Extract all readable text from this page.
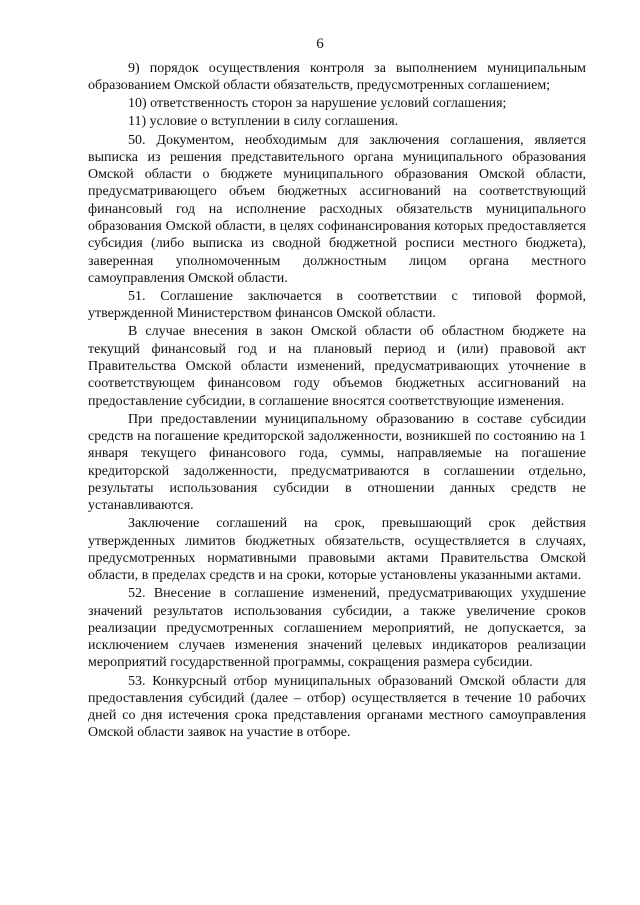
6

9) порядок осуществления контроля за выполнением муниципальным образованием Омской области обязательств, предусмотренных соглашением;

10) ответственность сторон за нарушение условий соглашения;

11) условие о вступлении в силу соглашения.

50. Документом, необходимым для заключения соглашения, является выписка из решения представительного органа муниципального образования Омской области о бюджете муниципального образования Омской области, предусматривающего объем бюджетных ассигнований на соответствующий финансовый год на исполнение расходных обязательств муниципального образования Омской области, в целях софинансирования которых предоставляется субсидия (либо выписка из сводной бюджетной росписи местного бюджета), заверенная уполномоченным должностным лицом органа местного самоуправления Омской области.

51. Соглашение заключается в соответствии с типовой формой, утвержденной Министерством финансов Омской области.

В случае внесения в закон Омской области об областном бюджете на текущий финансовый год и на плановый период и (или) правовой акт Правительства Омской области изменений, предусматривающих уточнение в соответствующем финансовом году объемов бюджетных ассигнований на предоставление субсидии, в соглашение вносятся соответствующие изменения.

При предоставлении муниципальному образованию в составе субсидии средств на погашение кредиторской задолженности, возникшей по состоянию на 1 января текущего финансового года, суммы, направляемые на погашение кредиторской задолженности, предусматриваются в соглашении отдельно, результаты использования субсидии в отношении данных средств не устанавливаются.

Заключение соглашений на срок, превышающий срок действия утвержденных лимитов бюджетных обязательств, осуществляется в случаях, предусмотренных нормативными правовыми актами Правительства Омской области, в пределах средств и на сроки, которые установлены указанными актами.

52. Внесение в соглашение изменений, предусматривающих ухудшение значений результатов использования субсидии, а также увеличение сроков реализации предусмотренных соглашением мероприятий, не допускается, за исключением случаев изменения значений целевых индикаторов реализации мероприятий государственной программы, сокращения размера субсидии.

53. Конкурсный отбор муниципальных образований Омской области для предоставления субсидий (далее – отбор) осуществляется в течение 10 рабочих дней со дня истечения срока представления органами местного самоуправления Омской области заявок на участие в отборе.
